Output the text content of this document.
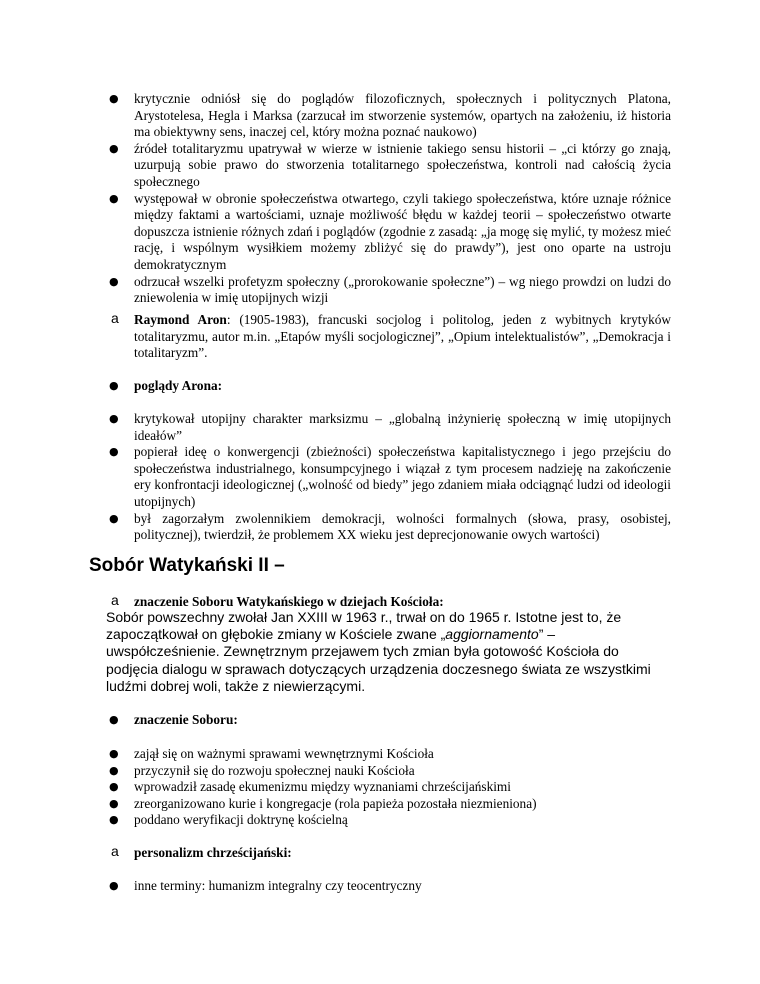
● krytycznie odniósł się do poglądów filozoficznych, społecznych i politycznych Platona, Arystotelesa, Hegla i Marksa (zarzucał im stworzenie systemów, opartych na założeniu, iż historia ma obiektywny sens, inaczej cel, który można poznać naukowo)
● źródeł totalitaryzmu upatrywał w wierze w istnienie takiego sensu historii – „ci którzy go znają, uzurpują sobie prawo do stworzenia totalitarnego społeczeństwa, kontroli nad całością życia społecznego
● występował w obronie społeczeństwa otwartego, czyli takiego społeczeństwa, które uznaje różnice między faktami a wartościami, uznaje możliwość błędu w każdej teorii – społeczeństwo otwarte dopuszcza istnienie różnych zdań i poglądów (zgodnie z zasadą: „ja mogę się mylić, ty możesz mieć rację, i wspólnym wysiłkiem możemy zbliżyć się do prawdy”), jest ono oparte na ustroju demokratycznym
● odrzucał wszelki profetyzm społeczny („prorokowanie społeczne”) – wg niego prowdzi on ludzi do zniewolenia w imię utopijnych wizji
a Raymond Aron: (1905-1983), francuski socjolog i politolog, jeden z wybitnych krytyków totalitaryzmu, autor m.in. „Etapów myśli socjologicznej”, „Opium intelektualistów”, „Demokracja i totalitaryzm”.
● poglądy Arona:
● krytykował utopijny charakter marksizmu – „globalną inżynierię społeczną w imię utopijnych ideałów”
● popierał ideę o konwergencji (zbieżności) społeczeństwa kapitalistycznego i jego przejściu do społeczeństwa industrialnego, konsumpcyjnego i wiązał z tym procesem nadzieję na zakończenie ery konfrontacji ideologicznej („wolność od biedy” jego zdaniem miała odciągnąć ludzi od ideologii utopijnych)
● był zagorzałym zwolennikiem demokracji, wolności formalnych (słowa, prasy, osobistej, politycznej), twierdził, że problemem XX wieku jest deprecjonowanie owych wartości)
Sobór Watykański II –
a znaczenie Soboru Watykańskiego w dziejach Kościoła:
Sobór powszechny zwołał Jan XXIII w 1963 r., trwał on do 1965 r. Istotne jest to, że zapoczątkował on głębokie zmiany w Kościele zwane „aggiornamento” – uwspółcześnienie. Zewnętrznym przejawem tych zmian była gotowość Kościoła do podjęcia dialogu w sprawach dotyczących urządzenia doczesnego świata ze wszystkimi ludźmi dobrej woli, także z niewierzącymi.
● znaczenie Soboru:
● zajął się on ważnymi sprawami wewnętrznymi Kościoła
● przyczynił się do rozwoju społecznej nauki Kościoła
● wprowadził zasadę ekumenizmu między wyznaniami chrześcijańskimi
● zreorganizowano kurie i kongregacje (rola papieża pozostała niezmieniona)
● poddano weryfikacji doktrynę kościelną
a personalizm chrześcijański:
● inne terminy: humanizm integralny czy teocentryczny
